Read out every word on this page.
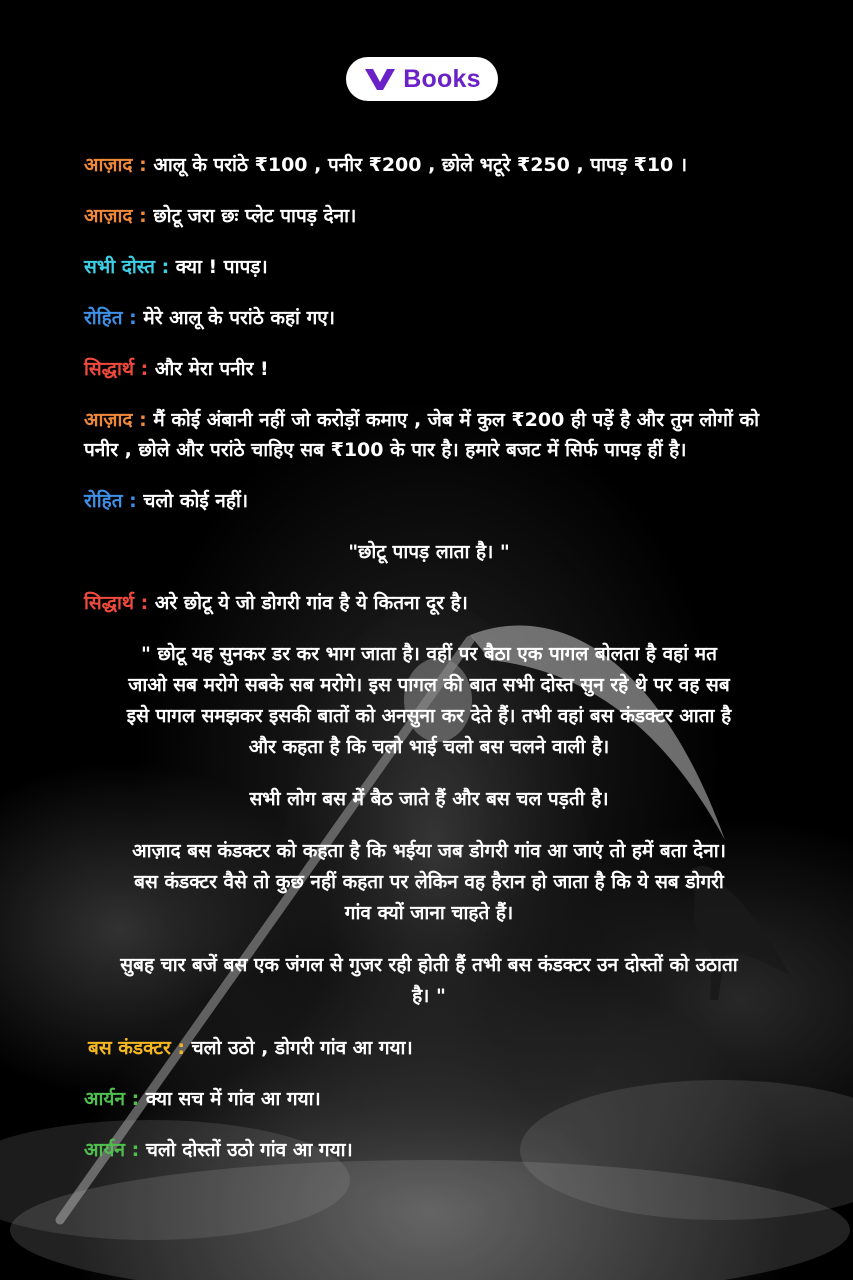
Books
आज़ाद : आलू के परांठे ₹100 , पनीर ₹200 , छोले भटूरे ₹250 , पापड़ ₹10 ।
आज़ाद : छोटू जरा छः प्लेट पापड़ देना।
सभी दोस्त : क्या ! पापड़।
रोहित : मेरे आलू के परांठे कहां गए।
सिद्धार्थ : और मेरा पनीर !
आज़ाद : मैं कोई अंबानी नहीं जो करोड़ों कमाए , जेब में कुल ₹200 ही पड़ें है और तुम लोगों को पनीर , छोले और परांठे चाहिए सब ₹100 के पार है। हमारे बजट में सिर्फ पापड़ हीं है।
रोहित : चलो कोई नहीं।
"छोटू पापड़ लाता है। "
सिद्धार्थ : अरे छोटू ये जो डोगरी गांव है ये कितना दूर है।
" छोटू यह सुनकर डर कर भाग जाता है। वहीं पर बैठा एक पागल बोलता है वहां मत जाओ सब मरोगे सबके सब मरोगे। इस पागल की बात सभी दोस्त सुन रहे थे पर वह सब इसे पागल समझकर इसकी बातों को अनसुना कर देते हैं। तभी वहां बस कंडक्टर आता है और कहता है कि चलो भाई चलो बस चलने वाली है।
सभी लोग बस में बैठ जाते हैं और बस चल पड़ती है।
आज़ाद बस कंडक्टर को कहता है कि भईया जब डोगरी गांव आ जाएं तो हमें बता देना। बस कंडक्टर वैसे तो कुछ नहीं कहता पर लेकिन वह हैरान हो जाता है कि ये सब डोगरी गांव क्यों जाना चाहते हैं।
सुबह चार बजें बस एक जंगल से गुजर रही होती हैं तभी बस कंडक्टर उन दोस्तों को उठाता है। "
बस कंडक्टर : चलो उठो , डोगरी गांव आ गया।
आर्यन : क्या सच में गांव आ गया।
आर्यन : चलो दोस्तों उठो गांव आ गया।
